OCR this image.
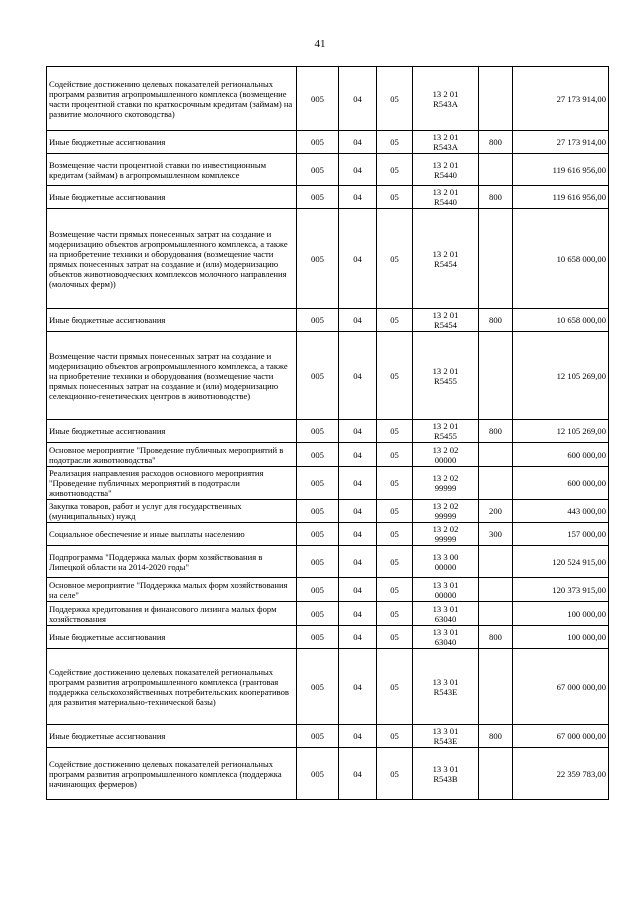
41
Содействие достижению целевых показателей региональных программ развития агропромышленного комплекса (возмещение части процентной ставки по краткосрочным кредитам (займам) на развитие молочного скотоводства)	005	04	05	13 2 01
R543A		27 173 914,00
Иные бюджетные ассигнования	005	04	05	13 2 01
R543A	800	27 173 914,00
Возмещение части процентной ставки по инвестиционным кредитам (займам) в агропромышленном комплексе	005	04	05	13 2 01
R5440		119 616 956,00
Иные бюджетные ассигнования	005	04	05	13 2 01
R5440	800	119 616 956,00
Возмещение части прямых понесенных затрат на создание и модернизацию объектов агропромышленного комплекса, а также на приобретение техники и оборудования (возмещение части прямых понесенных затрат на создание и (или) модернизацию объектов животноводческих комплексов молочного направления (молочных ферм))	005	04	05	13 2 01
R5454		10 658 000,00
Иные бюджетные ассигнования	005	04	05	13 2 01
R5454	800	10 658 000,00
Возмещение части прямых понесенных затрат на создание и модернизацию объектов агропромышленного комплекса, а также на приобретение техники и оборудования (возмещение части прямых понесенных затрат на создание и (или) модернизацию селекционно-генетических центров в животноводстве)	005	04	05	13 2 01
R5455		12 105 269,00
Иные бюджетные ассигнования	005	04	05	13 2 01
R5455	800	12 105 269,00
Основное мероприятие "Проведение публичных мероприятий в подотрасли животноводства"	005	04	05	13 2 02
00000		600 000,00
Реализация направления расходов основного мероприятия "Проведение публичных мероприятий в подотрасли животноводства"	005	04	05	13 2 02
99999		600 000,00
Закупка товаров, работ и услуг для государственных (муниципальных) нужд	005	04	05	13 2 02
99999	200	443 000,00
Социальное обеспечение и иные выплаты населению	005	04	05	13 2 02
99999	300	157 000,00
Подпрограмма "Поддержка малых форм хозяйствования в Липецкой области на 2014-2020 годы"	005	04	05	13 3 00
00000		120 524 915,00
Основное мероприятие "Поддержка малых форм хозяйствования на селе"	005	04	05	13 3 01
00000		120 373 915,00
Поддержка кредитования и финансового лизинга малых форм хозяйствования	005	04	05	13 3 01
63040		100 000,00
Иные бюджетные ассигнования	005	04	05	13 3 01
63040	800	100 000,00
Содействие достижению целевых показателей региональных программ развития агропромышленного комплекса (грантовая поддержка сельскохозяйственных потребительских кооперативов для развития материально-технической базы)	005	04	05	13 3 01
R543E		67 000 000,00
Иные бюджетные ассигнования	005	04	05	13 3 01
R543E	800	67 000 000,00
Содействие достижению целевых показателей региональных программ развития агропромышленного комплекса (поддержка начинающих фермеров)	005	04	05	13 3 01
R543B		22 359 783,00
